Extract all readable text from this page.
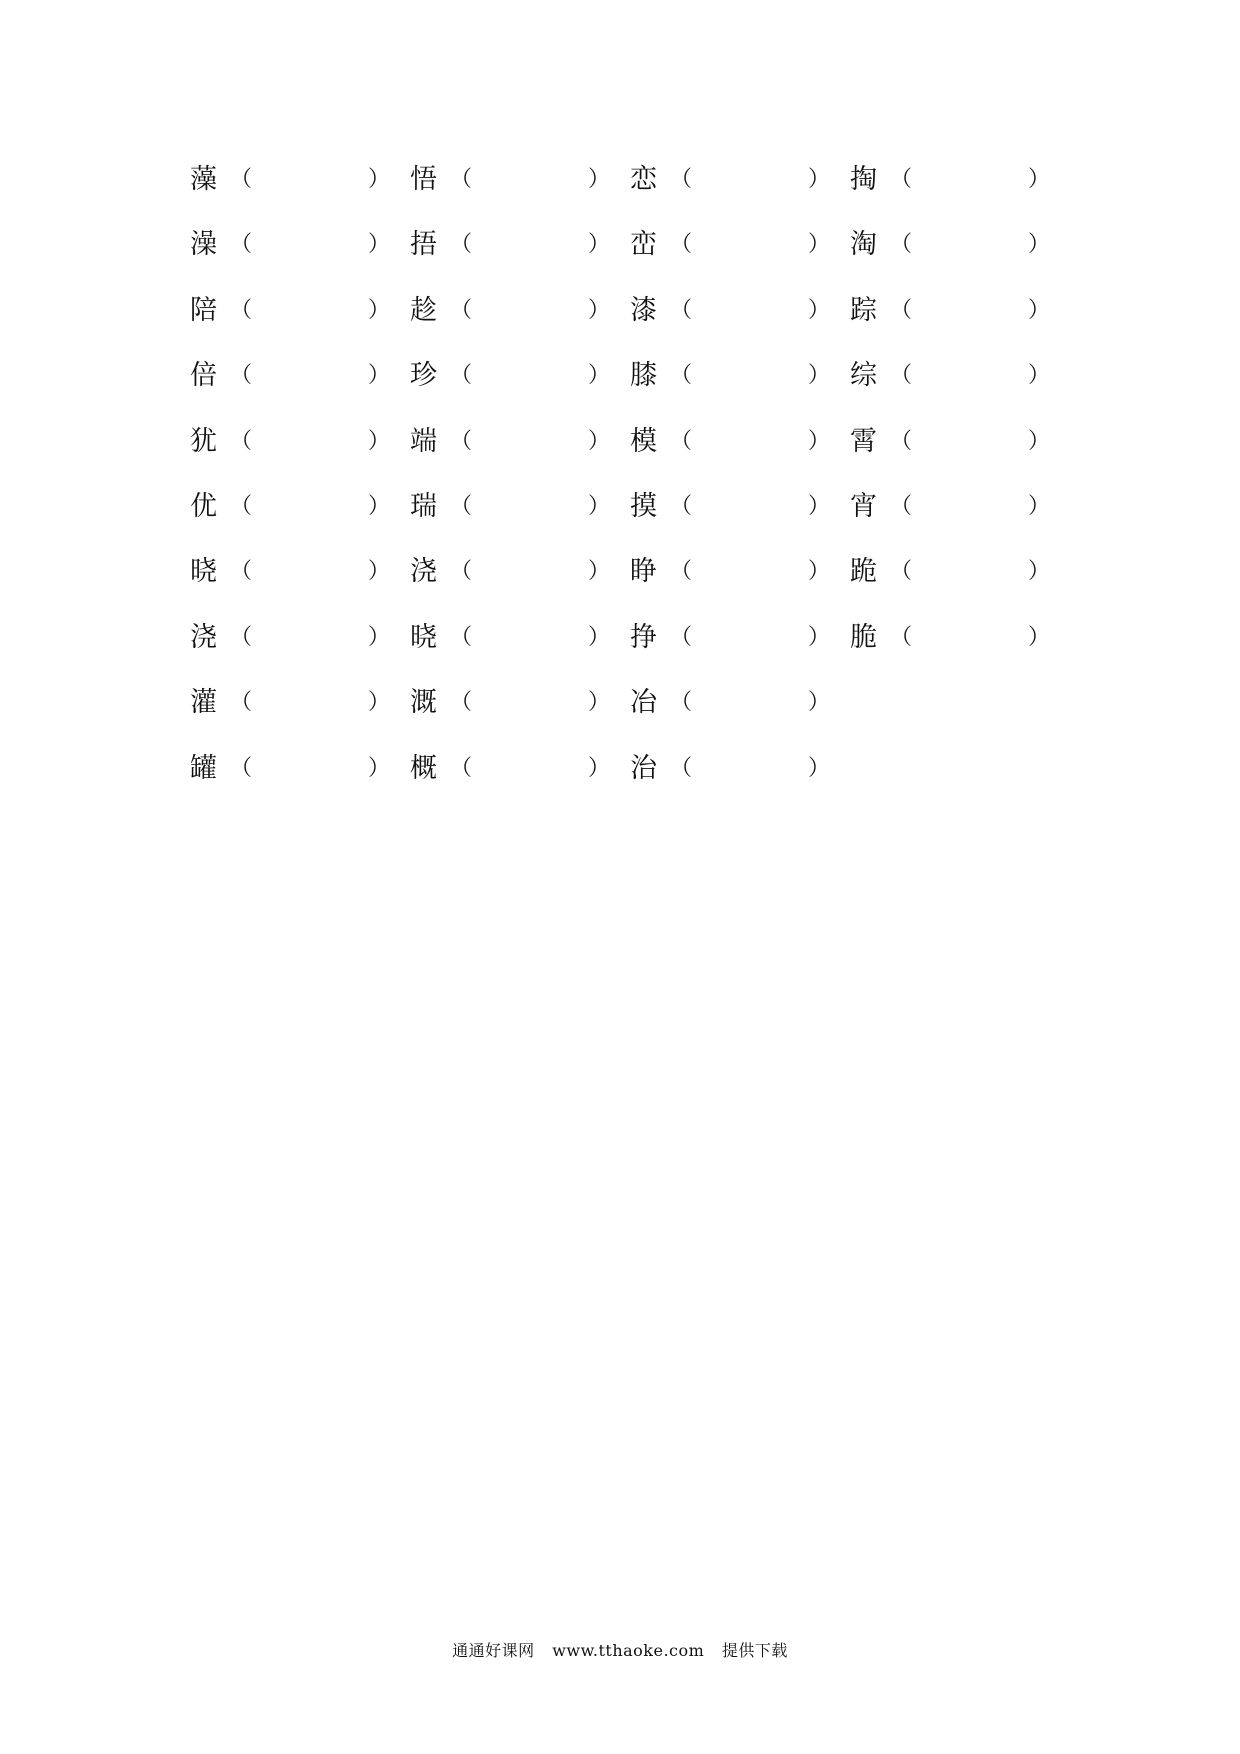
藻 （	） 悟 （	） 恋 （	） 掏 （	）
澡 （	） 捂 （	） 峦 （	） 淘 （	）
陪 （	） 趁 （	） 漆 （	） 踪 （	）
倍 （	） 珍 （	） 膝 （	） 综 （	）
犹 （	） 端 （	） 模 （	） 霄 （	）
优 （	） 瑞 （	） 摸 （	） 宵 （	）
晓 （	） 浇 （	） 睁 （	） 跪 （	）
浇 （	） 晓 （	） 挣 （	） 脆 （	）
灌 （	） 溉 （	） 冶 （	）
罐 （	） 概 （	） 治 （	）
通通好课网 www.tthaoke.com 提供下载
